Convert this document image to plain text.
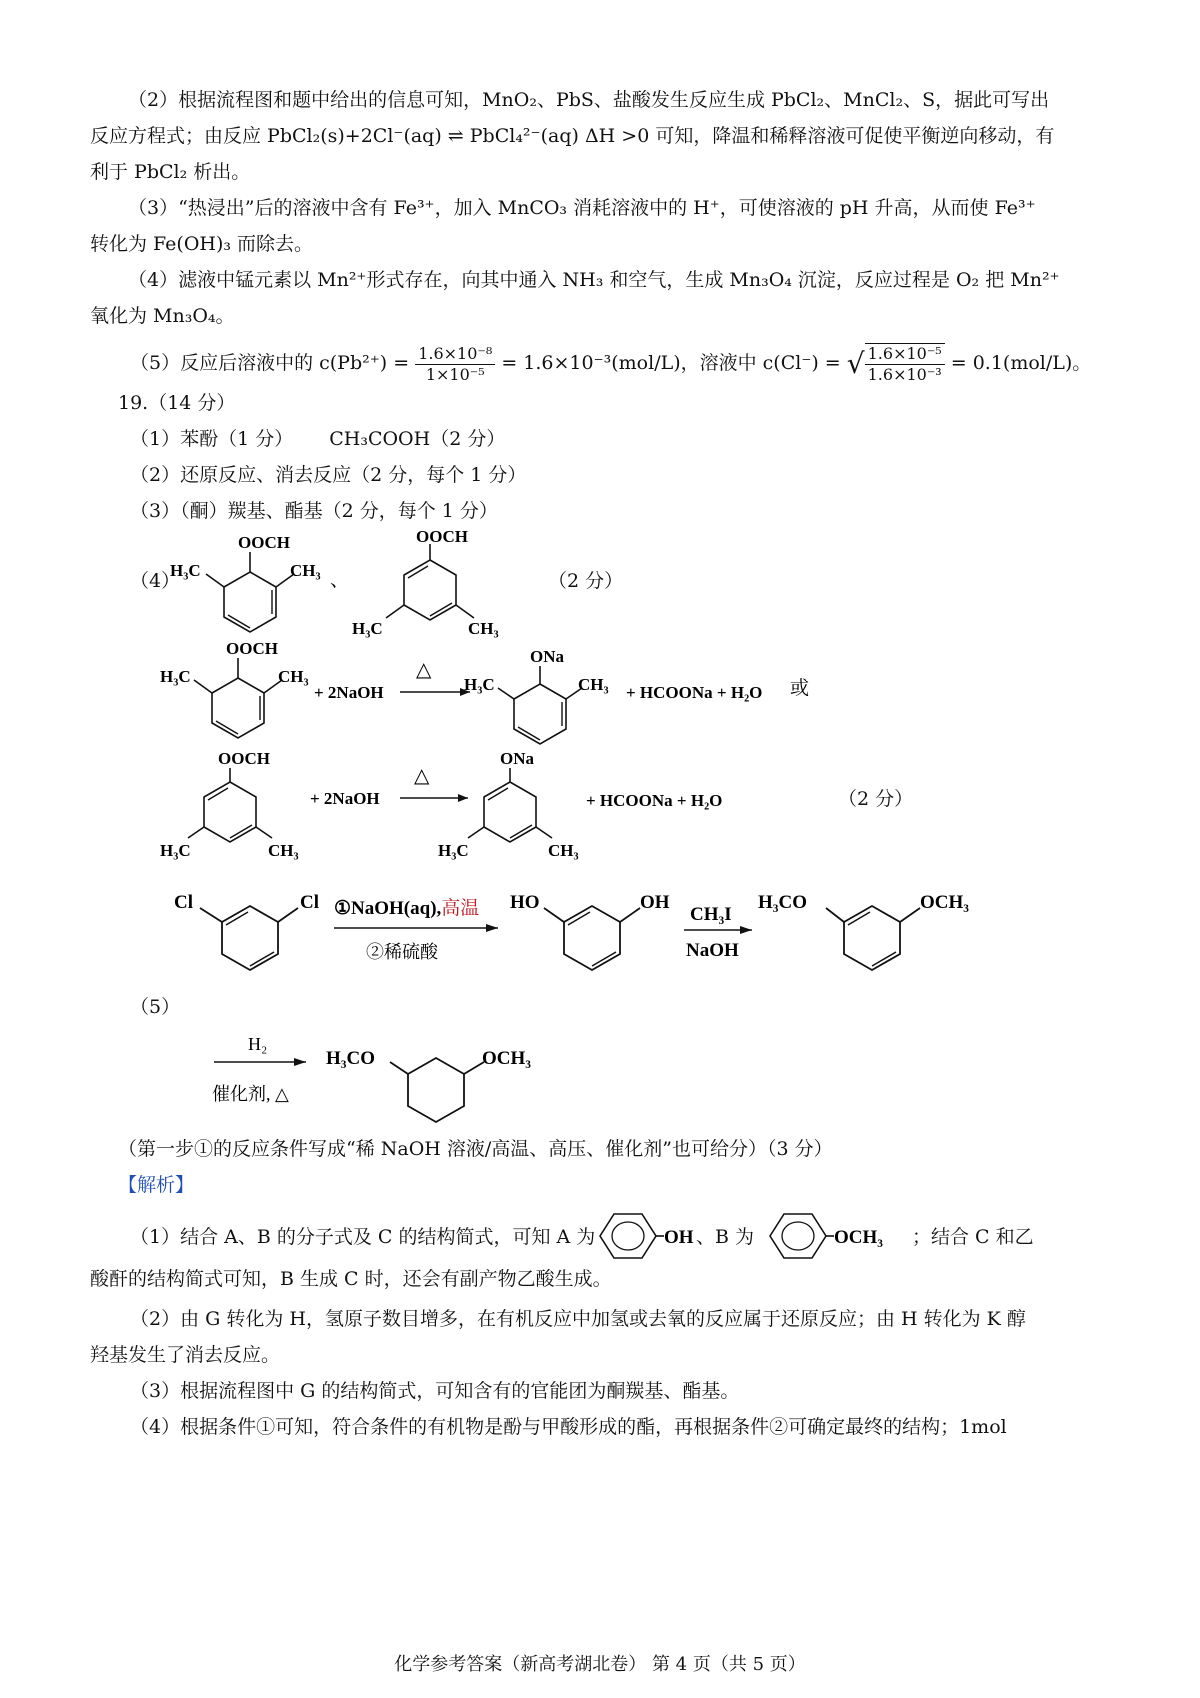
（2）根据流程图和题中给出的信息可知，MnO₂、PbS、盐酸发生反应生成 PbCl₂、MnCl₂、S，据此可写出
反应方程式；由反应 PbCl₂(s)+2Cl⁻(aq) ⇌ PbCl₄²⁻(aq) ΔH >0 可知，降温和稀释溶液可促使平衡逆向移动，有
利于 PbCl₂ 析出。
（3）“热浸出”后的溶液中含有 Fe³⁺，加入 MnCO₃ 消耗溶液中的 H⁺，可使溶液的 pH 升高，从而使 Fe³⁺
转化为 Fe(OH)₃ 而除去。
（4）滤液中锰元素以 Mn²⁺形式存在，向其中通入 NH₃ 和空气，生成 Mn₃O₄ 沉淀，反应过程是 O₂ 把 Mn²⁺
氧化为 Mn₃O₄。
（5）反应后溶液中的 $c(Pb^{2+}) = \frac{\text{1.6×10⁻⁸}}{\text{1×10⁻⁵}} = 1.6\times 10^{-3}(mol/L)$，溶液中 c(Cl⁻) = √ $\frac{\text{1.6×10⁻⁵}}{\text{1.6×10⁻³}} = 0.1(mol/L)$。
19.（14 分）
（1）苯酚（1 分） CH₃COOH（2 分）
（2）还原反应、消去反应（2 分，每个 1 分）
（3）（酮）羰基、酯基（2 分，每个 1 分）
（4）
OOCH
H₃C	CH₃ 、
OOCH
H₃C	CH₃
（2 分）
OOCH
H₃C	CH₃
+ 2NaOH
△
ONa
H₃C	CH₃ + HCOONa + H₂O 或
OOCH
H₃C	CH₃
+ 2NaOH
△
ONa
H₃C	CH₃
+ HCOONa + H₂O	（2 分）
Cl	Cl ①NaOH(aq),高温
②稀硫酸
HO	OH
CH₃I
NaOH
H₃CO	OCH₃
（5）
H₂
催化剂, △
H₃CO	OCH₃
（第一步①的反应条件写成“稀 NaOH 溶液/高温、高压、催化剂”也可给分）（3 分）
【解析】
（1）结合 A、B 的分子式及 C 的结构简式，可知 A 为	OH 、B 为	OCH₃ ；结合 C 和乙
酸酐的结构简式可知，B 生成 C 时，还会有副产物乙酸生成。
（2）由 G 转化为 H，氢原子数目增多，在有机反应中加氢或去氧的反应属于还原反应；由 H 转化为 K 醇
羟基发生了消去反应。
（3）根据流程图中 G 的结构简式，可知含有的官能团为酮羰基、酯基。
（4）根据条件①可知，符合条件的有机物是酚与甲酸形成的酯，再根据条件②可确定最终的结构；1mol
化学参考答案（新高考湖北卷） 第 4 页（共 5 页）
